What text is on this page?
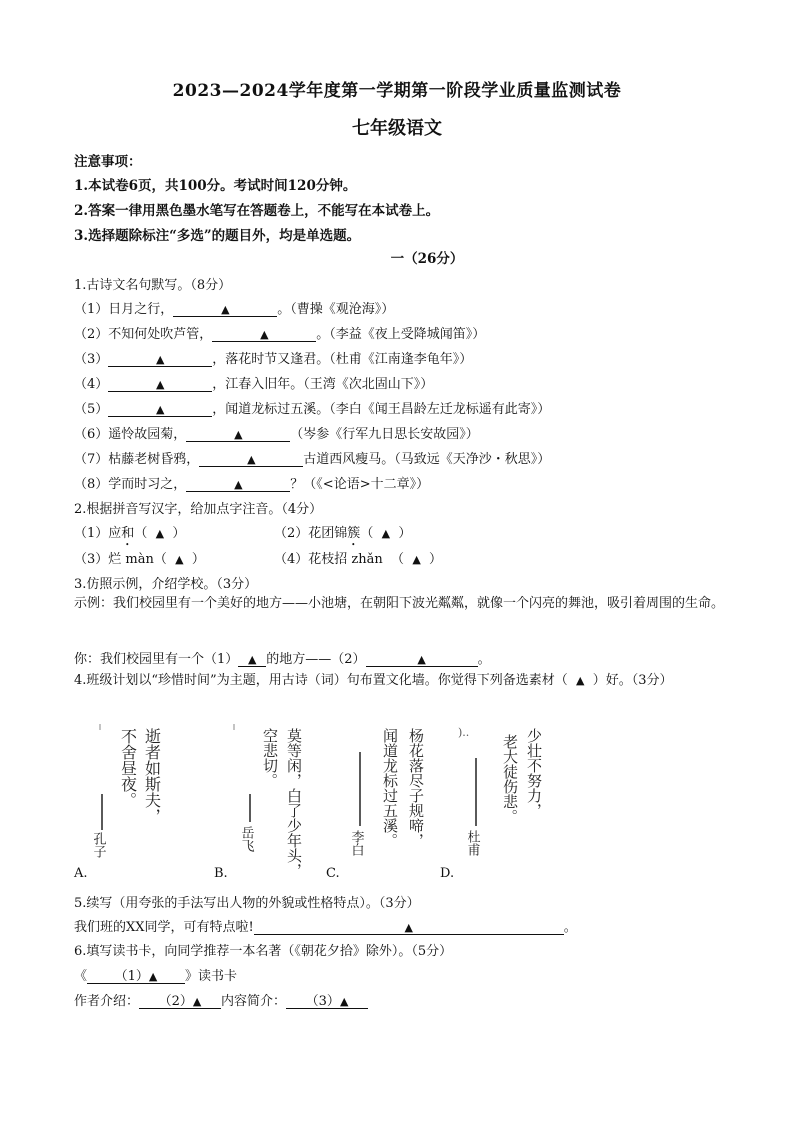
2023—2024学年度第一学期第一阶段学业质量监测试卷
七年级语文
注意事项：
1.本试卷6页，共100分。考试时间120分钟。
2.答案一律用黑色墨水笔写在答题卷上，不能写在本试卷上。
3.选择题除标注“多选”的题目外，均是单选题。
一（26分）
1.古诗文名句默写。（8分）
（1）日月之行，	▲	。（曹操《观沧海》）
（2）不知何处吹芦管，	▲	。（李益《夜上受降城闻笛》）
（3）	▲	，落花时节又逢君。（杜甫《江南逢李龟年》）
（4）	▲	，江春入旧年。（王湾《次北固山下》）
（5）	▲	，闻道龙标过五溪。（李白《闻王昌龄左迁龙标遥有此寄》）
（6）遥怜故园菊，	▲	（岑参《行军九日思长安故园》）
（7）枯藤老树昏鸦，	▲	古道西风瘦马。（马致远《天净沙・秋思》）
（8）学而时习之，	▲	？（《<论语>十二章》）
2.根据拼音写汉字，给加点字注音。（4分）
（1）应和（ ▲ ）	（2）花团锦簇（ ▲ ）
（3）烂 màn（ ▲ ）	（4）花枝招 zhǎn （ ▲ ）
3.仿照示例，介绍学校。（3分）
示例：我们校园里有一个美好的地方——小池塘，在朝阳下波光粼粼，就像一个闪亮的舞池，吸引着周围的生命。
你：我们校园里有一个（1） ▲ 的地方——（2）	▲	。
4.班级计划以“珍惜时间”为主题，用古诗（词）句布置文化墙。你觉得下列备选素材（ ▲ ）好。（3分）
逝者如斯夫，
不舍昼夜。
孔子	莫等闲，白了少年头，
空悲切。
岳飞	杨花落尽子规啼，
闻道龙标过五溪。
李白
)..	少壮不努力，
老大徒伤悲。
杜甫
A.	B.	C.	D.
5.续写（用夸张的手法写出人物的外貌或性格特点）。（3分）
我们班的XX同学，可有特点啦!	▲	。
6.填写读书卡，向同学推荐一本名著（《朝花夕拾》除外）。（5分）
《 （1）▲ 》读书卡
作者介绍： （2）▲ 内容简介： （3）▲
